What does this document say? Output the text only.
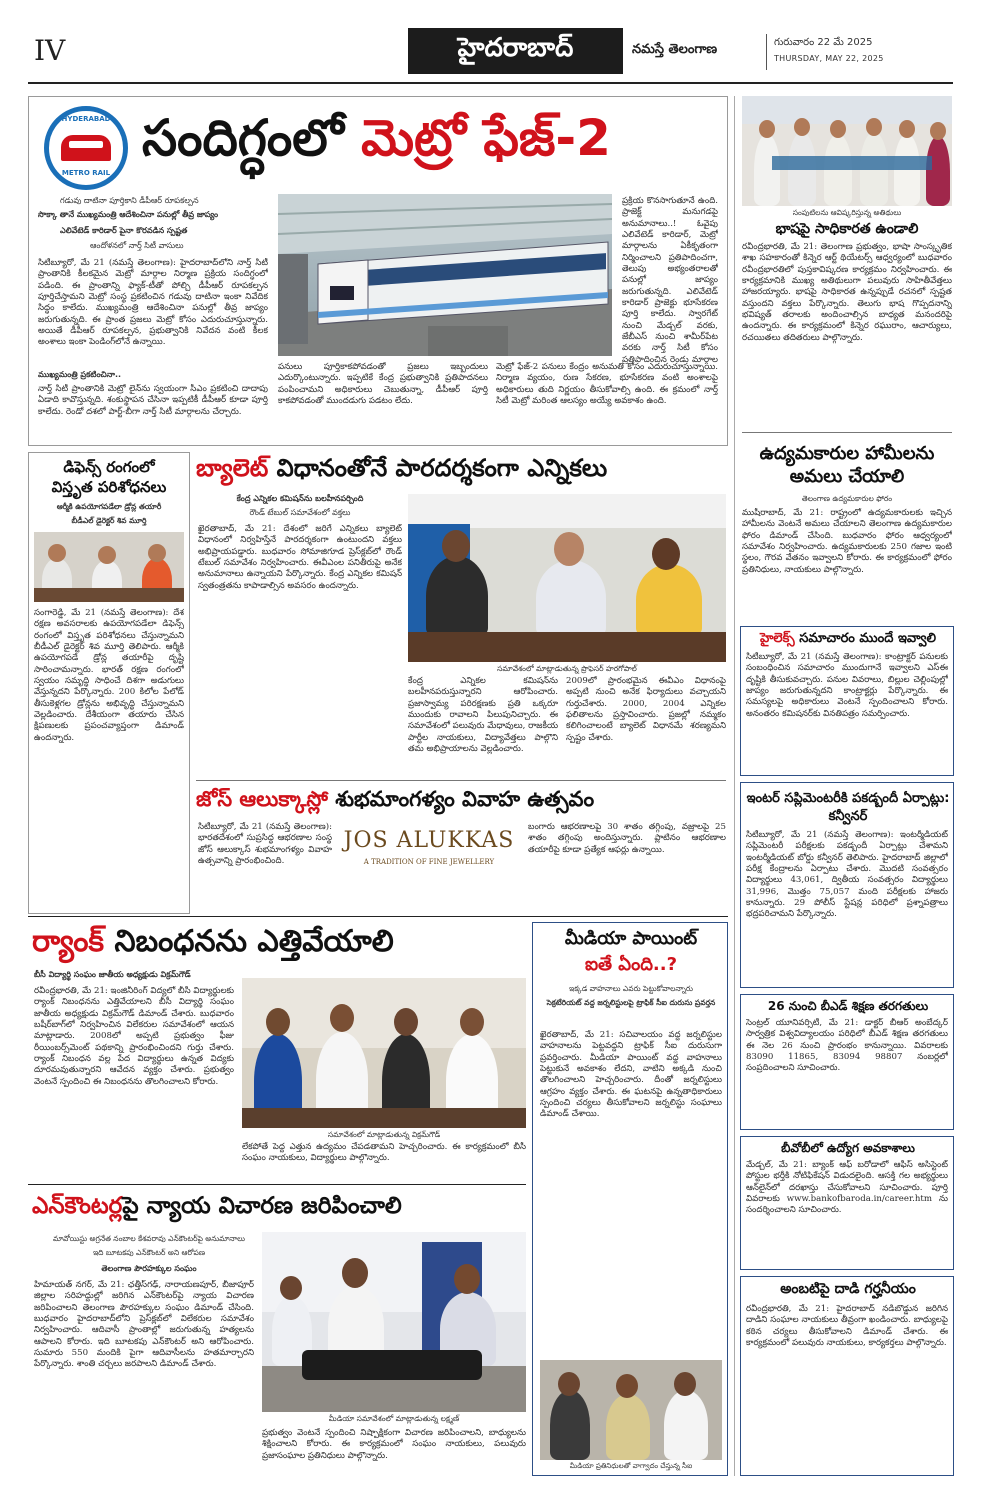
IV	హైదరాబాద్	నమస్తే తెలంగాణ	గురువారం 22 మే 2025
THURSDAY, MAY 22, 2025
HYDERABAD
METRO RAIL
సందిగ్ధంలో మెట్రో ఫేజ్-2
గడువు దాటినా పూర్తికాని డీపీఆర్ రూపకల్పన
సొక్కా తానే ముఖ్యమంత్రి ఆదేశించినా పనుల్లో తీవ్ర జాప్యం
ఎలివేటెడ్ కారిడార్ పైనా కొరవడిన స్పష్టత
ఆందోళనలో నార్త్ సిటీ వాసులు
సిటీబ్యూరో, మే 21 (నమస్తే తెలంగాణ): హైదరాబాద్‌లోని నార్త్ సిటీ ప్రాంతానికి కీలకమైన మెట్రో మార్గాల నిర్మాణ ప్రక్రియ సందిగ్ధంలో పడింది. ఈ ప్రాంతాన్ని ఫ్యాక్-టీతో పోల్చి డీపీఆర్ రూపకల్పన పూర్తిచేస్తామని మెట్రో సంస్థ ప్రకటించిన గడువు దాటినా ఇంకా నివేదిక సిద్ధం కాలేదు. ముఖ్యమంత్రి ఆదేశించినా పనుల్లో తీవ్ర జాప్యం జరుగుతున్నది. ఈ ప్రాంత ప్రజలు మెట్రో కోసం ఎదురుచూస్తున్నారు. అయితే డీపీఆర్ రూపకల్పన, ప్రభుత్వానికి నివేదన వంటి కీలక అంశాలు ఇంకా పెండింగ్‌లోనే ఉన్నాయి.
ముఖ్యమంత్రి ప్రకటించినా..
నార్త్ సిటీ ప్రాంతానికి మెట్రో లైన్‌ను స్వయంగా సీఎం ప్రకటించి దాదాపు ఏడాది కావొస్తున్నది. శంకుస్థాపన చేసినా ఇప్పటికీ డీపీఆర్ కూడా పూర్తి కాలేదు. రెండో దశలో పార్ట్-బీగా నార్త్ సిటీ మార్గాలను చేర్చారు.
ప్రక్రియ కొనసాగుతూనే ఉంది. ప్రాజెక్ట్ మనుగడపై అనుమానాలు..! ఓవైపు ఎలివేటెడ్ కారిడార్, మెట్రో మార్గాలను ఏకీకృతంగా నిర్మించాలని ప్రతిపాదించగా, తెలుపు అభ్యంతరాలతో పనుల్లో జాప్యం జరుగుతున్నది. ఎలివేటెడ్ కారిడార్ ప్రాజెక్టు భూసేకరణ పూర్తి కాలేదు. స్వారగేట్ నుంచి మేడ్చల్ వరకు, జేబీఎస్ నుంచి శామీర్‌పేట వరకు నార్త్ సిటీ కోసం ప్రతిపాదించిన రెండు మార్గాల
పనులు పూర్తికాకపోవడంతో ప్రజలు ఇబ్బందులు ఎదుర్కొంటున్నారు. ఇప్పటికే కేంద్ర ప్రభుత్వానికి ప్రతిపాదనలు పంపించామని అధికారులు చెబుతున్నా, డీపీఆర్ పూర్తి కాకపోవడంతో ముందడుగు పడటం లేదు.
మెట్రో ఫేజ్-2 పనులు కేంద్రం అనుమతి కోసం ఎదురుచూస్తున్నాయి. నిర్మాణ వ్యయం, రుణ సేకరణ, భూసేకరణ వంటి అంశాలపై అధికారులు తుది నిర్ణయం తీసుకోవాల్సి ఉంది. ఈ క్రమంలో నార్త్ సిటీ మెట్రో మరింత ఆలస్యం అయ్యే అవకాశం ఉంది.
సంపుటిలను ఆవిష్కరిస్తున్న అతిథులు
భాషపై సాధికారత ఉండాలి
రవీంద్రభారతి, మే 21: తెలంగాణ ప్రభుత్వం, భాషా సాంస్కృతిక శాఖ సహకారంతో కిన్నెర ఆర్ట్ థియేటర్స్ ఆధ్వర్యంలో బుధవారం రవీంద్రభారతిలో పుస్తకావిష్కరణ కార్యక్రమం నిర్వహించారు. ఈ కార్యక్రమానికి ముఖ్య అతిథులుగా పలువురు సాహితీవేత్తలు హాజరయ్యారు. భాషపై సాధికారత ఉన్నప్పుడే రచనలో స్పష్టత వస్తుందని వక్తలు పేర్కొన్నారు. తెలుగు భాష గొప్పదనాన్ని భవిష్యత్ తరాలకు అందించాల్సిన బాధ్యత మనందరిపై ఉందన్నారు. ఈ కార్యక్రమంలో కిన్నెర రఘురాం, ఆచార్యులు, రచయితలు తదితరులు పాల్గొన్నారు.
ఉద్యమకారుల హామీలను అమలు చేయాలి
తెలంగాణ ఉద్యమకారుల ఫోరం
ముషీరాబాద్, మే 21: రాష్ట్రంలో ఉద్యమకారులకు ఇచ్చిన హామీలను వెంటనే అమలు చేయాలని తెలంగాణ ఉద్యమకారుల ఫోరం డిమాండ్ చేసింది. బుధవారం ఫోరం ఆధ్వర్యంలో సమావేశం నిర్వహించారు. ఉద్యమకారులకు 250 గజాల ఇంటి స్థలం, గౌరవ వేతనం ఇవ్వాలని కోరారు. ఈ కార్యక్రమంలో ఫోరం ప్రతినిధులు, నాయకులు పాల్గొన్నారు.
హైలెక్స్ సమాచారం ముందే ఇవ్వాలి
సిటీబ్యూరో, మే 21 (నమస్తే తెలంగాణ): కాంట్రాక్టర్ పనులకు సంబంధించిన సమాచారం ముందుగానే ఇవ్వాలని ఎస్‌ఈ దృష్టికి తీసుకువచ్చారు. పనుల వివరాలు, బిల్లుల చెల్లింపుల్లో జాప్యం జరుగుతున్నదని కాంట్రాక్టర్లు పేర్కొన్నారు. ఈ సమస్యలపై అధికారులు వెంటనే స్పందించాలని కోరారు. అనంతరం కమిషనర్‌కు వినతిపత్రం సమర్పించారు.
ఇంటర్ సప్లిమెంటరీకి పకడ్బందీ ఏర్పాట్లు: కన్వీనర్
సిటీబ్యూరో, మే 21 (నమస్తే తెలంగాణ): ఇంటర్మీడియట్ సప్లిమెంటరీ పరీక్షలకు పకడ్బందీ ఏర్పాట్లు చేశామని ఇంటర్మీడియట్ బోర్డు కన్వీనర్ తెలిపారు. హైదరాబాద్ జిల్లాలో పరీక్ష కేంద్రాలను ఏర్పాటు చేశారు. మొదటి సంవత్సరం విద్యార్థులు 43,061, ద్వితీయ సంవత్సరం విద్యార్థులు 31,996, మొత్తం 75,057 మంది పరీక్షలకు హాజరు కానున్నారు. 29 పోలీస్ స్టేషన్ల పరిధిలో ప్రశ్నాపత్రాలు భద్రపరిచామని పేర్కొన్నారు.
26 నుంచి బీఎడ్ శిక్షణ తరగతులు
సెంట్రల్ యూనివర్సిటీ, మే 21: డాక్టర్ బీఆర్ అంబేద్కర్ సార్వత్రిక విశ్వవిద్యాలయం పరిధిలో బీఎడ్ శిక్షణ తరగతులు ఈ నెల 26 నుంచి ప్రారంభం కానున్నాయి. వివరాలకు 83090 11865, 83094 98807 నంబర్లలో సంప్రదించాలని సూచించారు.
బీవోబీలో ఉద్యోగ అవకాశాలు
మేడ్చల్, మే 21: బ్యాంక్ ఆఫ్ బరోడాలో ఆఫీస్ అసిస్టెంట్ పోస్టుల భర్తీకి నోటిఫికేషన్ విడుదలైంది. ఆసక్తి గల అభ్యర్థులు ఆన్‌లైన్‌లో దరఖాస్తు చేసుకోవాలని సూచించారు. పూర్తి వివరాలకు www.bankofbaroda.in/career.htm ను సందర్శించాలని సూచించారు.
అంబటిపై దాడి గర్హనీయం
రవీంద్రభారతి, మే 21: హైదరాబాద్ నడిబొడ్డున జరిగిన దాడిని సంఘాల నాయకులు తీవ్రంగా ఖండించారు. బాధ్యులపై కఠిన చర్యలు తీసుకోవాలని డిమాండ్ చేశారు. ఈ కార్యక్రమంలో పలువురు నాయకులు, కార్యకర్తలు పాల్గొన్నారు.
డిఫెన్స్ రంగంలో
విస్తృత పరిశోధనలు
ఆర్మీకి ఉపయోగపడేలా డ్రోన్ల తయారీ
బీడీఎల్ డైరెక్టర్ శివ మూర్తి
సంగారెడ్డి, మే 21 (నమస్తే తెలంగాణ): దేశ రక్షణ అవసరాలకు ఉపయోగపడేలా డిఫెన్స్ రంగంలో విస్తృత పరిశోధనలు చేస్తున్నామని బీడీఎల్ డైరెక్టర్ శివ మూర్తి తెలిపారు. ఆర్మీకి ఉపయోగపడే డ్రోన్ల తయారీపై దృష్టి సారించామన్నారు. భారత్ రక్షణ రంగంలో స్వయం సమృద్ధి సాధించే దిశగా అడుగులు వేస్తున్నదని పేర్కొన్నారు. 200 కిలోల పేలోడ్ తీసుకెళ్లగల డ్రోన్లను అభివృద్ధి చేస్తున్నామని వెల్లడించారు. దేశీయంగా తయారు చేసిన క్షిపణులకు ప్రపంచవ్యాప్తంగా డిమాండ్ ఉందన్నారు.
బ్యాలెట్ విధానంతోనే పారదర్శకంగా ఎన్నికలు
కేంద్ర ఎన్నికల కమిషన్‌ను బలహీనపర్చింది
రౌండ్ టేబుల్ సమావేశంలో వక్తలు
ఖైరతాబాద్, మే 21: దేశంలో జరిగే ఎన్నికలు బ్యాలెట్ విధానంలో నిర్వహిస్తేనే పారదర్శకంగా ఉంటుందని వక్తలు అభిప్రాయపడ్డారు. బుధవారం సోమాజిగూడ ప్రెస్‌క్లబ్‌లో రౌండ్ టేబుల్ సమావేశం నిర్వహించారు. ఈవీఎంల పనితీరుపై అనేక అనుమానాలు ఉన్నాయని పేర్కొన్నారు. కేంద్ర ఎన్నికల కమిషన్ స్వతంత్రతను కాపాడాల్సిన అవసరం ఉందన్నారు.
సమావేశంలో మాట్లాడుతున్న ప్రొఫెసర్ హరగోపాల్
కేంద్ర ఎన్నికల కమిషన్‌ను బలహీనపరుస్తున్నారని ఆరోపించారు. ప్రజాస్వామ్య పరిరక్షణకు ప్రతి ఒక్కరూ ముందుకు రావాలని పిలుపునిచ్చారు. ఈ సమావేశంలో పలువురు మేధావులు, రాజకీయ పార్టీల నాయకులు, విద్యావేత్తలు పాల్గొని తమ అభిప్రాయాలను వెల్లడించారు.
2009లో ప్రారంభమైన ఈవీఎం విధానంపై అప్పటి నుంచి అనేక ఫిర్యాదులు వచ్చాయని గుర్తుచేశారు. 2000, 2004 ఎన్నికల ఫలితాలను ప్రస్తావించారు. ప్రజల్లో నమ్మకం కలిగించాలంటే బ్యాలెట్ విధానమే శరణ్యమని స్పష్టం చేశారు.
జోస్ ఆలుక్కాస్లో శుభమాంగళ్యం వివాహ ఉత్సవం
సిటీబ్యూరో, మే 21 (నమస్తే తెలంగాణ): భారతదేశంలో సుప్రసిద్ధ ఆభరణాల సంస్థ జోస్ ఆలుక్కాస్ శుభమాంగళ్యం వివాహ ఉత్సవాన్ని ప్రారంభించింది.
JOS ALUKKAS
A TRADITION OF FINE JEWELLERY
బంగారు ఆభరణాలపై 30 శాతం తగ్గింపు, వజ్రాలపై 25 శాతం తగ్గింపు అందిస్తున్నారు. ప్లాటినం ఆభరణాల తయారీపై కూడా ప్రత్యేక ఆఫర్లు ఉన్నాయి.
ర్యాంక్ నిబంధనను ఎత్తివేయాలి
బీసీ విద్యార్థి సంఘం జాతీయ అధ్యక్షుడు విక్రమ్‌గౌడ్
రవీంద్రభారతి, మే 21: ఇంజినీరింగ్ విద్యలో బీసీ విద్యార్థులకు ర్యాంక్ నిబంధనను ఎత్తివేయాలని బీసీ విద్యార్థి సంఘం జాతీయ అధ్యక్షుడు విక్రమ్‌గౌడ్ డిమాండ్ చేశారు. బుధవారం బషీర్‌బాగ్‌లో నిర్వహించిన విలేకరుల సమావేశంలో ఆయన మాట్లాడారు. 2008లో అప్పటి ప్రభుత్వం ఫీజు రీయింబర్స్‌మెంట్ పథకాన్ని ప్రారంభించిందని గుర్తు చేశారు. ర్యాంక్ నిబంధన వల్ల పేద విద్యార్థులు ఉన్నత విద్యకు దూరమవుతున్నారని ఆవేదన వ్యక్తం చేశారు. ప్రభుత్వం వెంటనే స్పందించి ఈ నిబంధనను తొలగించాలని కోరారు.
సమావేశంలో మాట్లాడుతున్న విక్రమ్‌గౌడ్
లేకపోతే పెద్ద ఎత్తున ఉద్యమం చేపడతామని హెచ్చరించారు. ఈ కార్యక్రమంలో బీసీ సంఘం నాయకులు, విద్యార్థులు పాల్గొన్నారు.
మీడియా పాయింట్
ఐతే ఏంది..?
ఇక్కడ వాహనాలు ఎవరు పెట్టుకోవాలన్నారు
సెక్రటేరియట్ వద్ద జర్నలిస్టులపై ట్రాఫిక్ సీఐ దురుసు ప్రవర్తన
ఖైరతాబాద్, మే 21: సచివాలయం వద్ద జర్నలిస్టుల వాహనాలను పెట్టవద్దని ట్రాఫిక్ సీఐ దురుసుగా ప్రవర్తించారు. మీడియా పాయింట్ వద్ద వాహనాలు పెట్టుకునే అవకాశం లేదని, వాటిని అక్కడి నుంచి తొలగించాలని హెచ్చరించారు. దీంతో జర్నలిస్టులు ఆగ్రహం వ్యక్తం చేశారు. ఈ ఘటనపై ఉన్నతాధికారులు స్పందించి చర్యలు తీసుకోవాలని జర్నలిస్టు సంఘాలు డిమాండ్ చేశాయి.
మీడియా ప్రతినిధులతో వాగ్వాదం చేస్తున్న సీఐ
ఎన్‌కౌంటర్లపై న్యాయ విచారణ జరిపించాలి
మావోయిస్టు అగ్రనేత నంబాల కేశవరావు ఎన్‌కౌంటర్‌పై అనుమానాలు
ఇది బూటకపు ఎన్‌కౌంటర్ అని ఆరోపణ
తెలంగాణ పౌరహక్కుల సంఘం
హిమాయత్ నగర్, మే 21: ఛత్తీస్‌గఢ్, నారాయణపూర్, బీజాపూర్ జిల్లాల సరిహద్దుల్లో జరిగిన ఎన్‌కౌంటర్‌పై న్యాయ విచారణ జరిపించాలని తెలంగాణ పౌరహక్కుల సంఘం డిమాండ్ చేసింది. బుధవారం హైదరాబాద్‌లోని ప్రెస్‌క్లబ్‌లో విలేకరుల సమావేశం నిర్వహించారు. ఆదివాసీ ప్రాంతాల్లో జరుగుతున్న హత్యలను ఆపాలని కోరారు. ఇది బూటకపు ఎన్‌కౌంటర్ అని ఆరోపించారు. సుమారు 550 మందికి పైగా ఆదివాసీలను హతమార్చారని పేర్కొన్నారు. శాంతి చర్చలు జరపాలని డిమాండ్ చేశారు.
మీడియా సమావేశంలో మాట్లాడుతున్న లక్ష్మణ్
ప్రభుత్వం వెంటనే స్పందించి నిష్పాక్షికంగా విచారణ జరిపించాలని, బాధ్యులను శిక్షించాలని కోరారు. ఈ కార్యక్రమంలో సంఘం నాయకులు, పలువురు ప్రజాసంఘాల ప్రతినిధులు పాల్గొన్నారు.
